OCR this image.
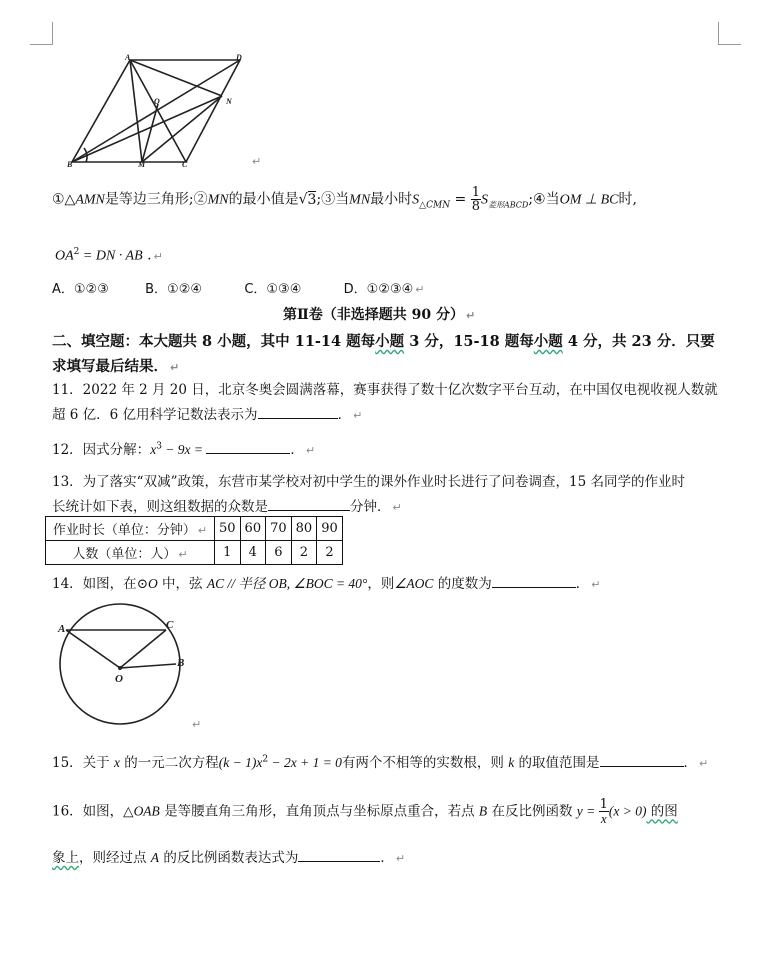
A	D
O	N
B	M	C	↵
①△AMN是等边三角形;②MN的最小值是√3;③当MN最小时$S_{\triangle CMN} = \frac{1}{8}$ $S_{菱形ABCD};④$当OM ⊥ BC时,
$OA^2$ = DN · AB . ↵
A．①②③	B．①②④	C．①③④	D．①②③④ ↵
第Ⅱ卷（非选择题共 90 分） ↵
二、填空题：本大题共 8 小题，其中 11-14 题每小题 3 分，15-18 题每小题 4 分，共 23 分．只要
求填写最后结果． ↵
11．2022 年 2 月 20 日，北京冬奥会圆满落幕，赛事获得了数十亿次数字平台互动，在中国仅电视收视人数就
超 6 亿．6 亿用科学记数法表示为	． ↵
12．因式分解：$x^3 - 9x$ =	． ↵
13．为了落实“双减”政策，东营市某学校对初中学生的课外作业时长进行了问卷调查，15 名同学的作业时
长统计如下表，则这组数据的众数是	分钟． ↵
作业时长（单位：分钟） ↵	50	60	70	80	90
人数（单位：人） ↵	1	4	6	2	2
14．如图，在⊙O 中，弦 AC // 半径 OB, ∠BOC = 40°，则∠AOC 的度数为	． ↵
A	C
B
O
↵
15．关于 x 的一元二次方程$(k - 1)x^2 - 2x + 1 = 0$有两个不相等的实数根，则 k 的取值范围是	． ↵
16．如图，△OAB 是等腰直角三角形，直角顶点与坐标原点重合，若点 B 在反比例函数 $y = \frac{1}{x}(x > 0)$ 的图
象上，则经过点 A 的反比例函数表达式为	． ↵
